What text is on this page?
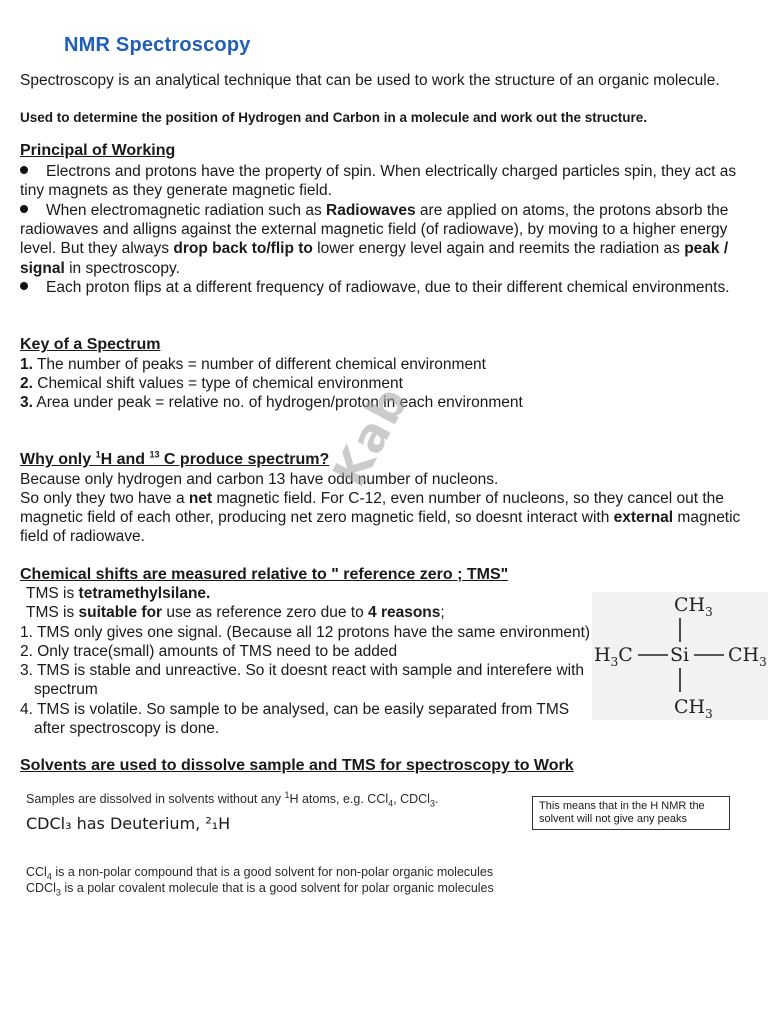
NMR Spectroscopy
Spectroscopy is an analytical technique that can be used to work the structure of an organic molecule.
Used to determine the position of Hydrogen and Carbon in a molecule and work out the structure.
Principal of Working
Electrons and protons have the property of spin. When electrically charged particles spin, they act as
tiny magnets as they generate magnetic field.
When electromagnetic radiation such as Radiowaves are applied on atoms, the protons absorb the
radiowaves and alligns against the external magnetic field (of radiowave), by moving to a higher energy
level. But they always drop back to/flip to lower energy level again and reemits the radiation as peak /
signal in spectroscopy.
Each proton flips at a different frequency of radiowave, due to their different chemical environments.
Key of a Spectrum
1. The number of peaks = number of different chemical environment
2. Chemical shift values = type of chemical environment
3. Area under peak = relative no. of hydrogen/proton in each environment
Why only $^1$H and $^{13}$ C produce spectrum?
Because only hydrogen and carbon 13 have odd number of nucleons.
So only they two have a net magnetic field. For C-12, even number of nucleons, so they cancel out the
magnetic field of each other, producing net zero magnetic field, so doesnt interact with external magnetic
field of radiowave.
Chemical shifts are measured relative to " reference zero ; TMS"
TMS is tetramethylsilane.
TMS is suitable for use as reference zero due to 4 reasons;
1. TMS only gives one signal. (Because all 12 protons have the same environment)
2. Only trace(small) amounts of TMS need to be added
3. TMS is stable and unreactive. So it doesnt react with sample and interefere with
spectrum
4. TMS is volatile. So sample to be analysed, can be easily separated from TMS
after spectroscopy is done.
$CH_3$
$H_3C$ Si $CH_3$
$CH_3$
Solvents are used to dissolve sample and TMS for spectroscopy to Work
Samples are dissolved in solvents without any $^1$H atoms, e.g. CCl$_4$, CDCl$_3$.
CDCl₃ has Deuterium, ²₁H
This means that in the H NMR the solvent will not give any peaks
CCl$_4$ is a non-polar compound that is a good solvent for non-polar organic molecules
CDCl$_3$ is a polar covalent molecule that is a good solvent for polar organic molecules
Kab
